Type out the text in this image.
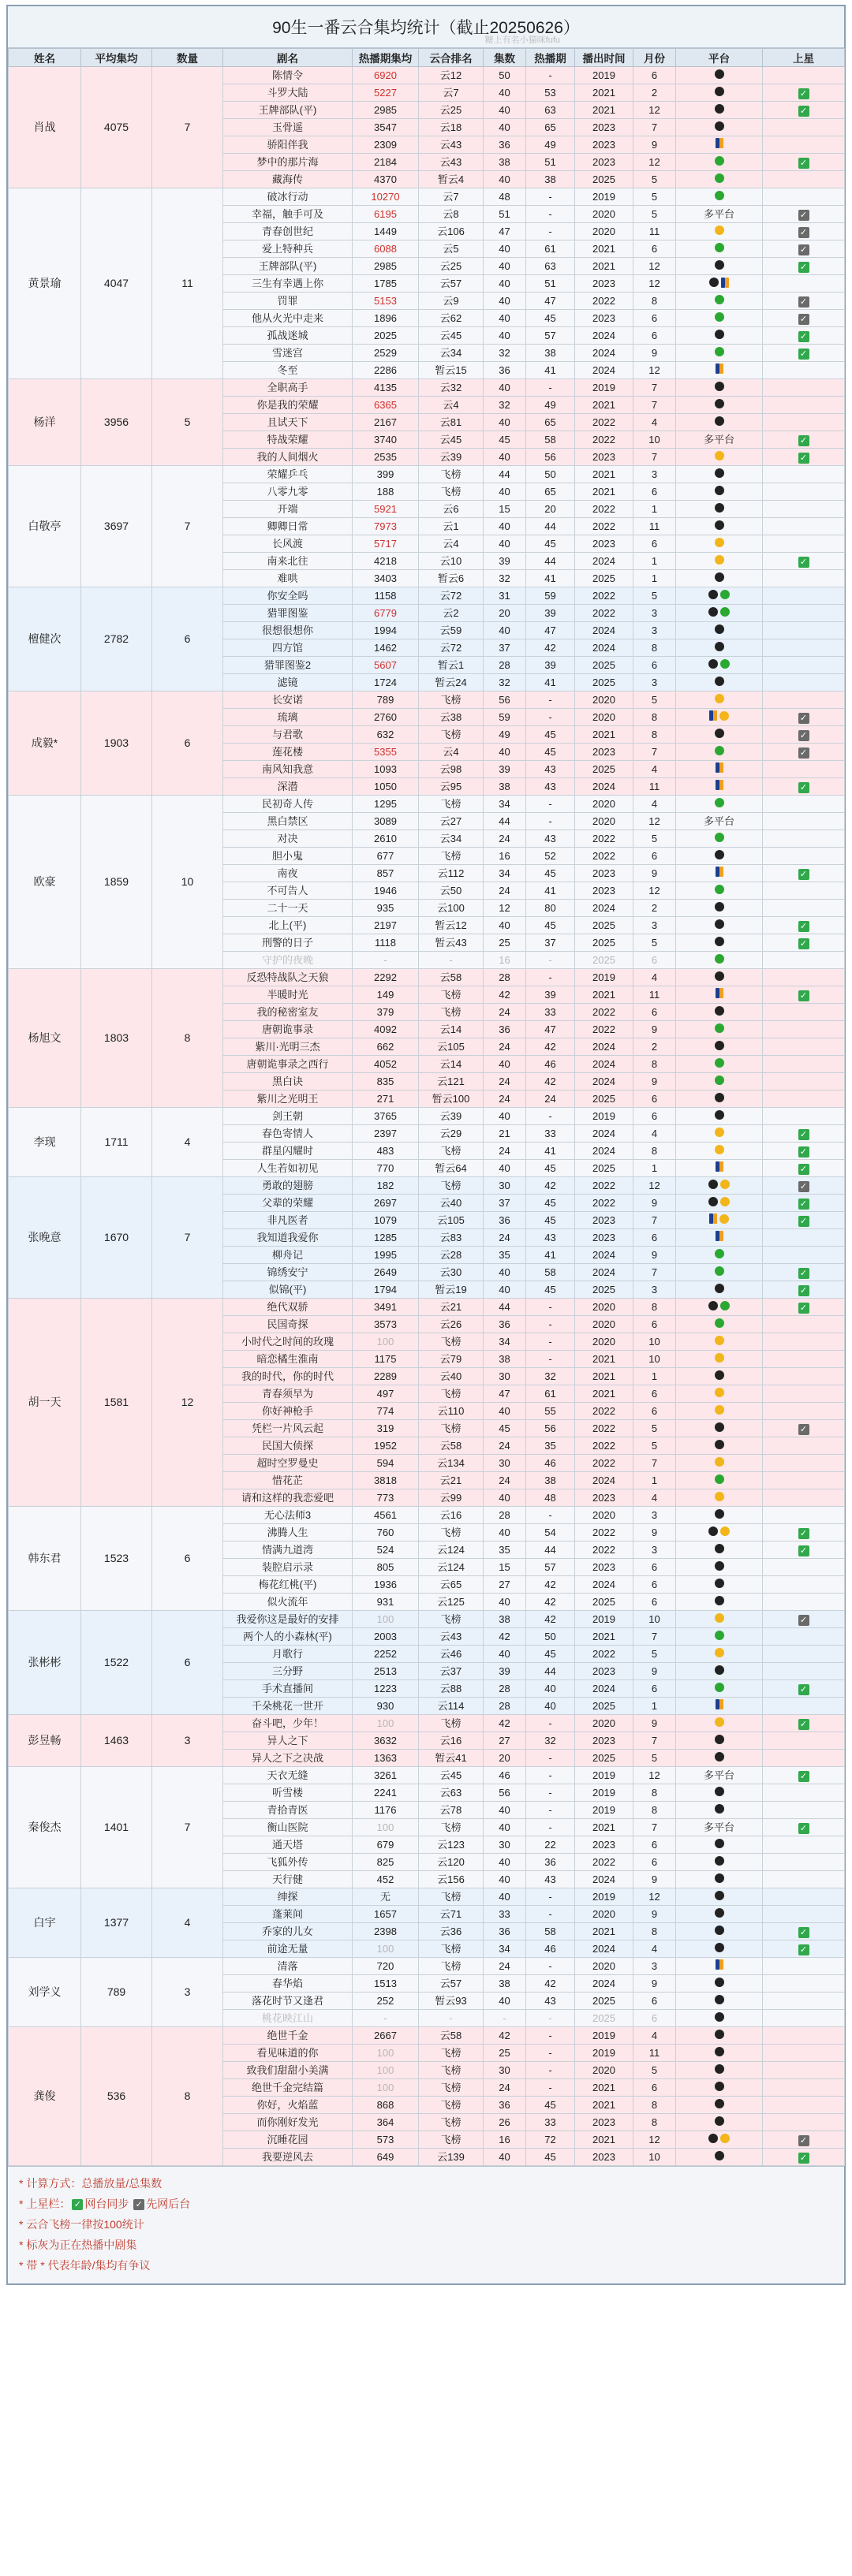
90生一番云合集均统计（截止20250626）
糖上有名小猫咪fufu
姓名	平均集均	数量	剧名	热播期集均	云合排名	集数	热播期	播出时间	月份	平台	上星
肖战	4075	7	陈情令	6920	云12	50	-	2019	6	

			斗罗大陆	5227	云7	40	53	2021	2		✓
			王牌部队(平)	2985	云25	40	63	2021	12		✓
			玉骨遥	3547	云18	40	65	2023	7	

			骄阳伴我	2309	云43	36	49	2023	9	

			梦中的那片海	2184	云43	38	51	2023	12		✓
			藏海传	4370	暂云4	40	38	2025	5	

黄景瑜	4047	11	破冰行动	10270	云7	48	-	2019	5	

			幸福，触手可及	6195	云8	51	-	2020	5	多平台	✓
			青春创世纪	1449	云106	47	-	2020	11		✓
			爱上特种兵	6088	云5	40	61	2021	6		✓
			王牌部队(平)	2985	云25	40	63	2021	12		✓
			三生有幸遇上你	1785	云57	40	51	2023	12	

			罚罪	5153	云9	40	47	2022	8		✓
			他从火光中走来	1896	云62	40	45	2023	6		✓
			孤战迷城	2025	云45	40	57	2024	6		✓
			雪迷宫	2529	云34	32	38	2024	9		✓
			冬至	2286	暂云15	36	41	2024	12	

杨洋	3956	5	全职高手	4135	云32	40	-	2019	7	

			你是我的荣耀	6365	云4	32	49	2021	7	

			且试天下	2167	云81	40	65	2022	4	

			特战荣耀	3740	云45	45	58	2022	10	多平台	✓
			我的人间烟火	2535	云39	40	56	2023	7		✓
白敬亭	3697	7	荣耀乒乓	399	飞榜	44	50	2021	3	

			八零九零	188	飞榜	40	65	2021	6	

			开端	5921	云6	15	20	2022	1	

			卿卿日常	7973	云1	40	44	2022	11	

			长风渡	5717	云4	40	45	2023	6	

			南来北往	4218	云10	39	44	2024	1		✓
			难哄	3403	暂云6	32	41	2025	1	

檀健次	2782	6	你安全吗	1158	云72	31	59	2022	5	

			猎罪图鉴	6779	云2	20	39	2022	3	

			很想很想你	1994	云59	40	47	2024	3	

			四方馆	1462	云72	37	42	2024	8	

			猎罪图鉴2	5607	暂云1	28	39	2025	6	

			滤镜	1724	暂云24	32	41	2025	3	

成毅*	1903	6	长安诺	789	飞榜	56	-	2020	5	

			琉璃	2760	云38	59	-	2020	8		✓
			与君歌	632	飞榜	49	45	2021	8		✓
			莲花楼	5355	云4	40	45	2023	7		✓
			南风知我意	1093	云98	39	43	2025	4	

			深潜	1050	云95	38	43	2024	11		✓
欧豪	1859	10	民初奇人传	1295	飞榜	34	-	2020	4	

			黑白禁区	3089	云27	44	-	2020	12	多平台	
			对决	2610	云34	24	43	2022	5	

			胆小鬼	677	飞榜	16	52	2022	6	

			南夜	857	云112	34	45	2023	9		✓
			不可告人	1946	云50	24	41	2023	12	

			二十一天	935	云100	12	80	2024	2	

			北上(平)	2197	暂云12	40	45	2025	3		✓
			刑警的日子	1118	暂云43	25	37	2025	5		✓
			守护的夜晚	-	-	16	-	2025	6	

杨旭文	1803	8	反恐特战队之天狼	2292	云58	28	-	2019	4	

			半暖时光	149	飞榜	42	39	2021	11		✓
			我的秘密室友	379	飞榜	24	33	2022	6	

			唐朝诡事录	4092	云14	36	47	2022	9	

			紫川·光明三杰	662	云105	24	42	2024	2	

			唐朝诡事录之西行	4052	云14	40	46	2024	8	

			黑白诀	835	云121	24	42	2024	9	

			紫川之光明王	271	暂云100	24	24	2025	6	

李现	1711	4	剑王朝	3765	云39	40	-	2019	6	

			春色寄情人	2397	云29	21	33	2024	4		✓
			群星闪耀时	483	飞榜	24	41	2024	8		✓
			人生若如初见	770	暂云64	40	45	2025	1		✓
张晚意	1670	7	勇敢的翅膀	182	飞榜	30	42	2022	12		✓
			父辈的荣耀	2697	云40	37	45	2022	9		✓
			非凡医者	1079	云105	36	45	2023	7		✓
			我知道我爱你	1285	云83	24	43	2023	6	

			柳舟记	1995	云28	35	41	2024	9	

			锦绣安宁	2649	云30	40	58	2024	7		✓
			似锦(平)	1794	暂云19	40	45	2025	3		✓
胡一天	1581	12	绝代双骄	3491	云21	44	-	2020	8		✓
			民国奇探	3573	云26	36	-	2020	6	

			小时代之时间的玫瑰	100	飞榜	34	-	2020	10	

			暗恋橘生淮南	1175	云79	38	-	2021	10	

			我的时代，你的时代	2289	云40	30	32	2021	1	

			青春须早为	497	飞榜	47	61	2021	6	

			你好神枪手	774	云110	40	55	2022	6	

			凭栏一片风云起	319	飞榜	45	56	2022	5		✓
			民国大侦探	1952	云58	24	35	2022	5	

			超时空罗曼史	594	云134	30	46	2022	7	

			惜花芷	3818	云21	24	38	2024	1	

			请和这样的我恋爱吧	773	云99	40	48	2023	4	

韩东君	1523	6	无心法师3	4561	云16	28	-	2020	3	

			沸腾人生	760	飞榜	40	54	2022	9		✓
			情满九道湾	524	云124	35	44	2022	3		✓
			装腔启示录	805	云124	15	57	2023	6	

			梅花红桃(平)	1936	云65	27	42	2024	6	

			似火流年	931	云125	40	42	2025	6	

张彬彬	1522	6	我爱你这是最好的安排	100	飞榜	38	42	2019	10		✓
			两个人的小森林(平)	2003	云43	42	50	2021	7	

			月歌行	2252	云46	40	45	2022	5	

			三分野	2513	云37	39	44	2023	9	

			手术直播间	1223	云88	28	40	2024	6		✓
			千朵桃花一世开	930	云114	28	40	2025	1	

彭昱畅	1463	3	奋斗吧，少年！	100	飞榜	42	-	2020	9		✓
			异人之下	3632	云16	27	32	2023	7	

			异人之下之决战	1363	暂云41	20	-	2025	5	

秦俊杰	1401	7	天衣无缝	3261	云45	46	-	2019	12	多平台	✓
			听雪楼	2241	云63	56	-	2019	8	

			青拾青医	1176	云78	40	-	2019	8	

			衡山医院	100	飞榜	40	-	2021	7	多平台	✓
			通天塔	679	云123	30	22	2023	6	

			飞狐外传	825	云120	40	36	2022	6	

			天行健	452	云156	40	43	2024	9	

白宇	1377	4	绅探	无	飞榜	40	-	2019	12	

			蓬莱间	1657	云71	33	-	2020	9	

			乔家的儿女	2398	云36	36	58	2021	8		✓
			前途无量	100	飞榜	34	46	2024	4		✓
刘学义	789	3	清落	720	飞榜	24	-	2020	3	

			春华焰	1513	云57	38	42	2024	9	

			落花时节又逢君	252	暂云93	40	43	2025	6	

			桃花映江山	-	-	-	-	2025	6	

龚俊	536	8	绝世千金	2667	云58	42	-	2019	4	

			看见味道的你	100	飞榜	25	-	2019	11	

			致我们甜甜小美满	100	飞榜	30	-	2020	5	

			绝世千金完结篇	100	飞榜	24	-	2021	6	

			你好，火焰蓝	868	飞榜	36	45	2021	8	

			而你刚好发光	364	飞榜	26	33	2023	8	

			沉睡花园	573	飞榜	16	72	2021	12		✓
			我要逆风去	649	云139	40	45	2023	10		✓
* 计算方式：总播放量/总集数
* 上星栏： ✓ 网台同步 ✓ 先网后台
* 云合飞榜一律按100统计
* 标灰为正在热播中剧集
* 带 * 代表年龄/集均有争议
